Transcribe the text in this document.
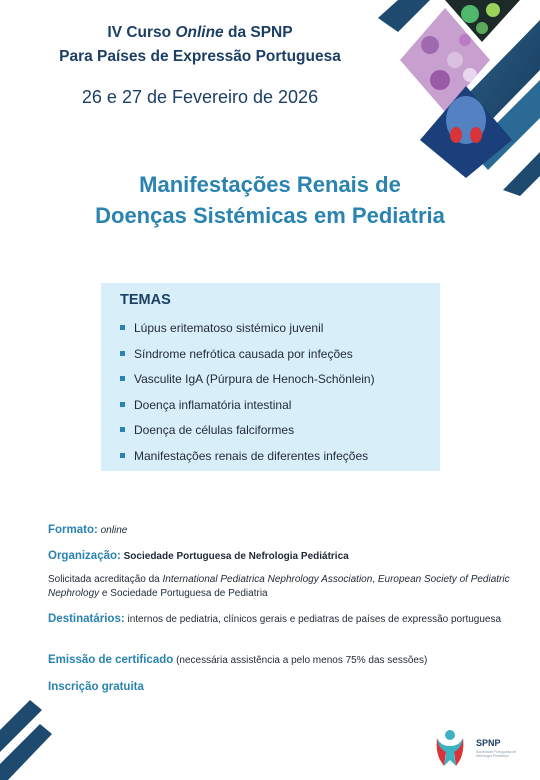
IV Curso Online da SPNP
Para Países de Expressão Portuguesa
26 e 27 de Fevereiro de 2026
Manifestações Renais de
Doenças Sistémicas em Pediatria
TEMAS
Lúpus eritematoso sistémico juvenil
Síndrome nefrótica causada por infeções
Vasculite IgA (Púrpura de Henoch-Schönlein)
Doença inflamatória intestinal
Doença de células falciformes
Manifestações renais de diferentes infeções
Formato: online
Organização: Sociedade Portuguesa de Nefrologia Pediátrica
Solicitada acreditação da International Pediatrica Nephrology Association, European Society of Pediatric Nephrology e Sociedade Portuguesa de Pediatria
Destinatários: internos de pediatria, clínicos gerais e pediatras de países de expressão portuguesa
Emissão de certificado (necessária assistência a pelo menos 75% das sessões)
Inscrição gratuita
SPNP
Sociedade Portuguesa de Nefrologia Pediátrica
